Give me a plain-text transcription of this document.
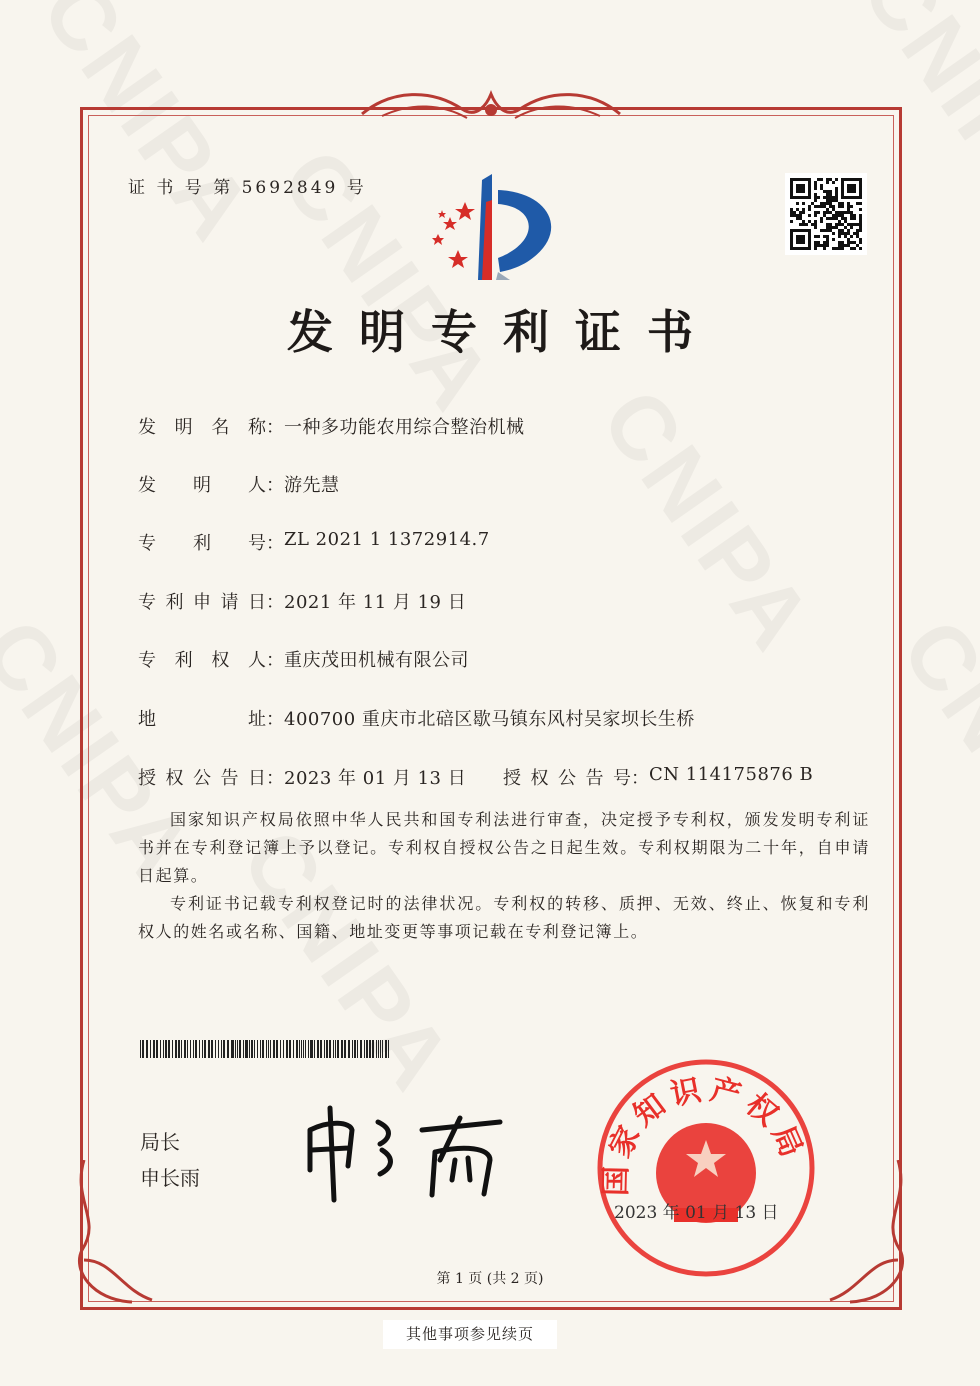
证 书 号 第 5692849 号
发明专利证书
发 明 名 称 ： 一种多功能农用综合整治机械
发 明 人 ： 游先慧
专 利 号 ： ZL 2021 1 1372914.7
专 利 申 请 日 ： 2021 年 11 月 19 日
专 利 权 人 ： 重庆茂田机械有限公司
地	址 ： 400700 重庆市北碚区歇马镇东风村吴家坝长生桥
授 权 公 告 日 ： 2023 年 01 月 13 日 授 权 公 告 号 ： CN 114175876 B
国家知识产权局依照中华人民共和国专利法进行审查，决定授予专利权，颁发发明专利证书并在专利登记簿上予以登记。专利权自授权公告之日起生效。专利权期限为二十年，自申请日起算。
专利证书记载专利权登记时的法律状况。专利权的转移、质押、无效、终止、恢复和专利权人的姓名或名称、国籍、地址变更等事项记载在专利登记簿上。
局长
申长雨	国家知识产权局
2023 年 01 月 13 日
第 1 页 (共 2 页)
其他事项参见续页
